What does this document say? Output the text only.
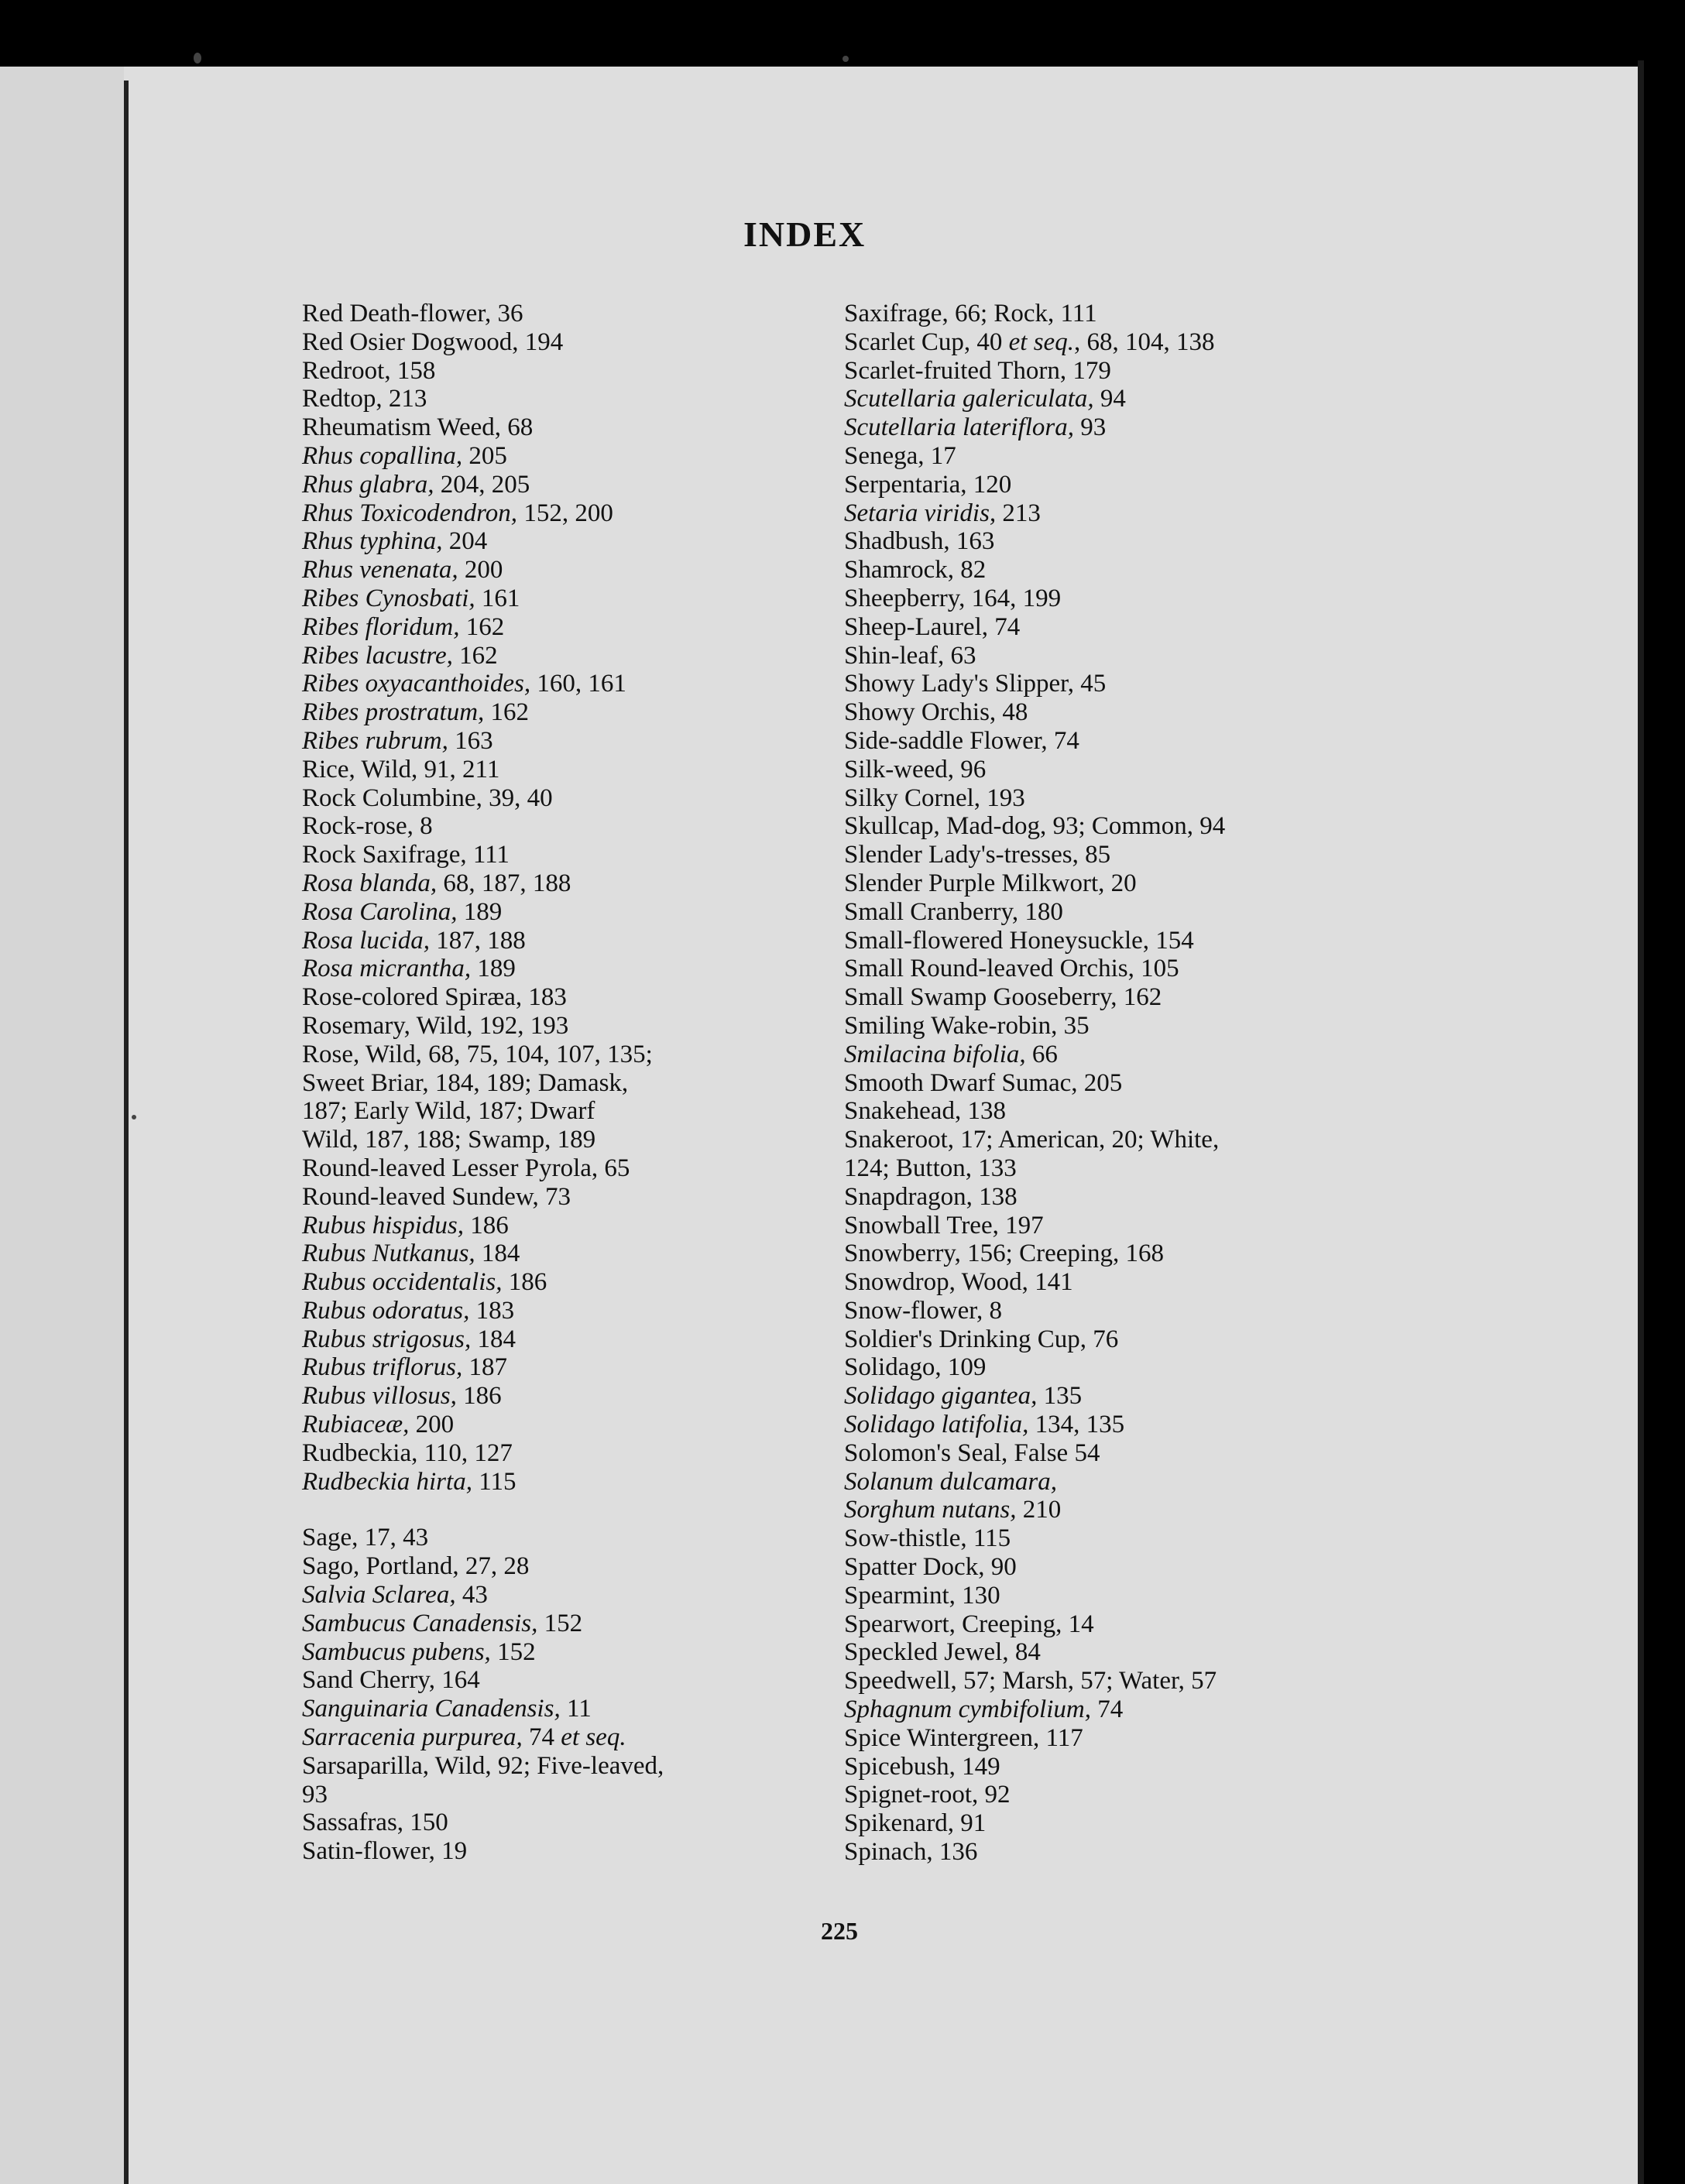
INDEX
Red Death-flower, 36
Red Osier Dogwood, 194
Redroot, 158
Redtop, 213
Rheumatism Weed, 68
Rhus copallina, 205
Rhus glabra, 204, 205
Rhus Toxicodendron, 152, 200
Rhus typhina, 204
Rhus venenata, 200
Ribes Cynosbati, 161
Ribes floridum, 162
Ribes lacustre, 162
Ribes oxyacanthoides, 160, 161
Ribes prostratum, 162
Ribes rubrum, 163
Rice, Wild, 91, 211
Rock Columbine, 39, 40
Rock-rose, 8
Rock Saxifrage, 111
Rosa blanda, 68, 187, 188
Rosa Carolina, 189
Rosa lucida, 187, 188
Rosa micrantha, 189
Rose-colored Spiræa, 183
Rosemary, Wild, 192, 193
Rose, Wild, 68, 75, 104, 107, 135;
Sweet Briar, 184, 189; Damask,
187; Early Wild, 187; Dwarf
Wild, 187, 188; Swamp, 189
Round-leaved Lesser Pyrola, 65
Round-leaved Sundew, 73
Rubus hispidus, 186
Rubus Nutkanus, 184
Rubus occidentalis, 186
Rubus odoratus, 183
Rubus strigosus, 184
Rubus triflorus, 187
Rubus villosus, 186
Rubiaceæ, 200
Rudbeckia, 110, 127
Rudbeckia hirta, 115
Sage, 17, 43
Sago, Portland, 27, 28
Salvia Sclarea, 43
Sambucus Canadensis, 152
Sambucus pubens, 152
Sand Cherry, 164
Sanguinaria Canadensis, 11
Sarracenia purpurea, 74 et seq.
Sarsaparilla, Wild, 92; Five-leaved,
93
Sassafras, 150
Satin-flower, 19
Saxifrage, 66; Rock, 111
Scarlet Cup, 40 et seq., 68, 104, 138
Scarlet-fruited Thorn, 179
Scutellaria galericulata, 94
Scutellaria lateriflora, 93
Senega, 17
Serpentaria, 120
Setaria viridis, 213
Shadbush, 163
Shamrock, 82
Sheepberry, 164, 199
Sheep-Laurel, 74
Shin-leaf, 63
Showy Lady's Slipper, 45
Showy Orchis, 48
Side-saddle Flower, 74
Silk-weed, 96
Silky Cornel, 193
Skullcap, Mad-dog, 93; Common, 94
Slender Lady's-tresses, 85
Slender Purple Milkwort, 20
Small Cranberry, 180
Small-flowered Honeysuckle, 154
Small Round-leaved Orchis, 105
Small Swamp Gooseberry, 162
Smiling Wake-robin, 35
Smilacina bifolia, 66
Smooth Dwarf Sumac, 205
Snakehead, 138
Snakeroot, 17; American, 20; White,
124; Button, 133
Snapdragon, 138
Snowball Tree, 197
Snowberry, 156; Creeping, 168
Snowdrop, Wood, 141
Snow-flower, 8
Soldier's Drinking Cup, 76
Solidago, 109
Solidago gigantea, 135
Solidago latifolia, 134, 135
Solomon's Seal, False 54
Solanum dulcamara,
Sorghum nutans, 210
Sow-thistle, 115
Spatter Dock, 90
Spearmint, 130
Spearwort, Creeping, 14
Speckled Jewel, 84
Speedwell, 57; Marsh, 57; Water, 57
Sphagnum cymbifolium, 74
Spice Wintergreen, 117
Spicebush, 149
Spignet-root, 92
Spikenard, 91
Spinach, 136
225
